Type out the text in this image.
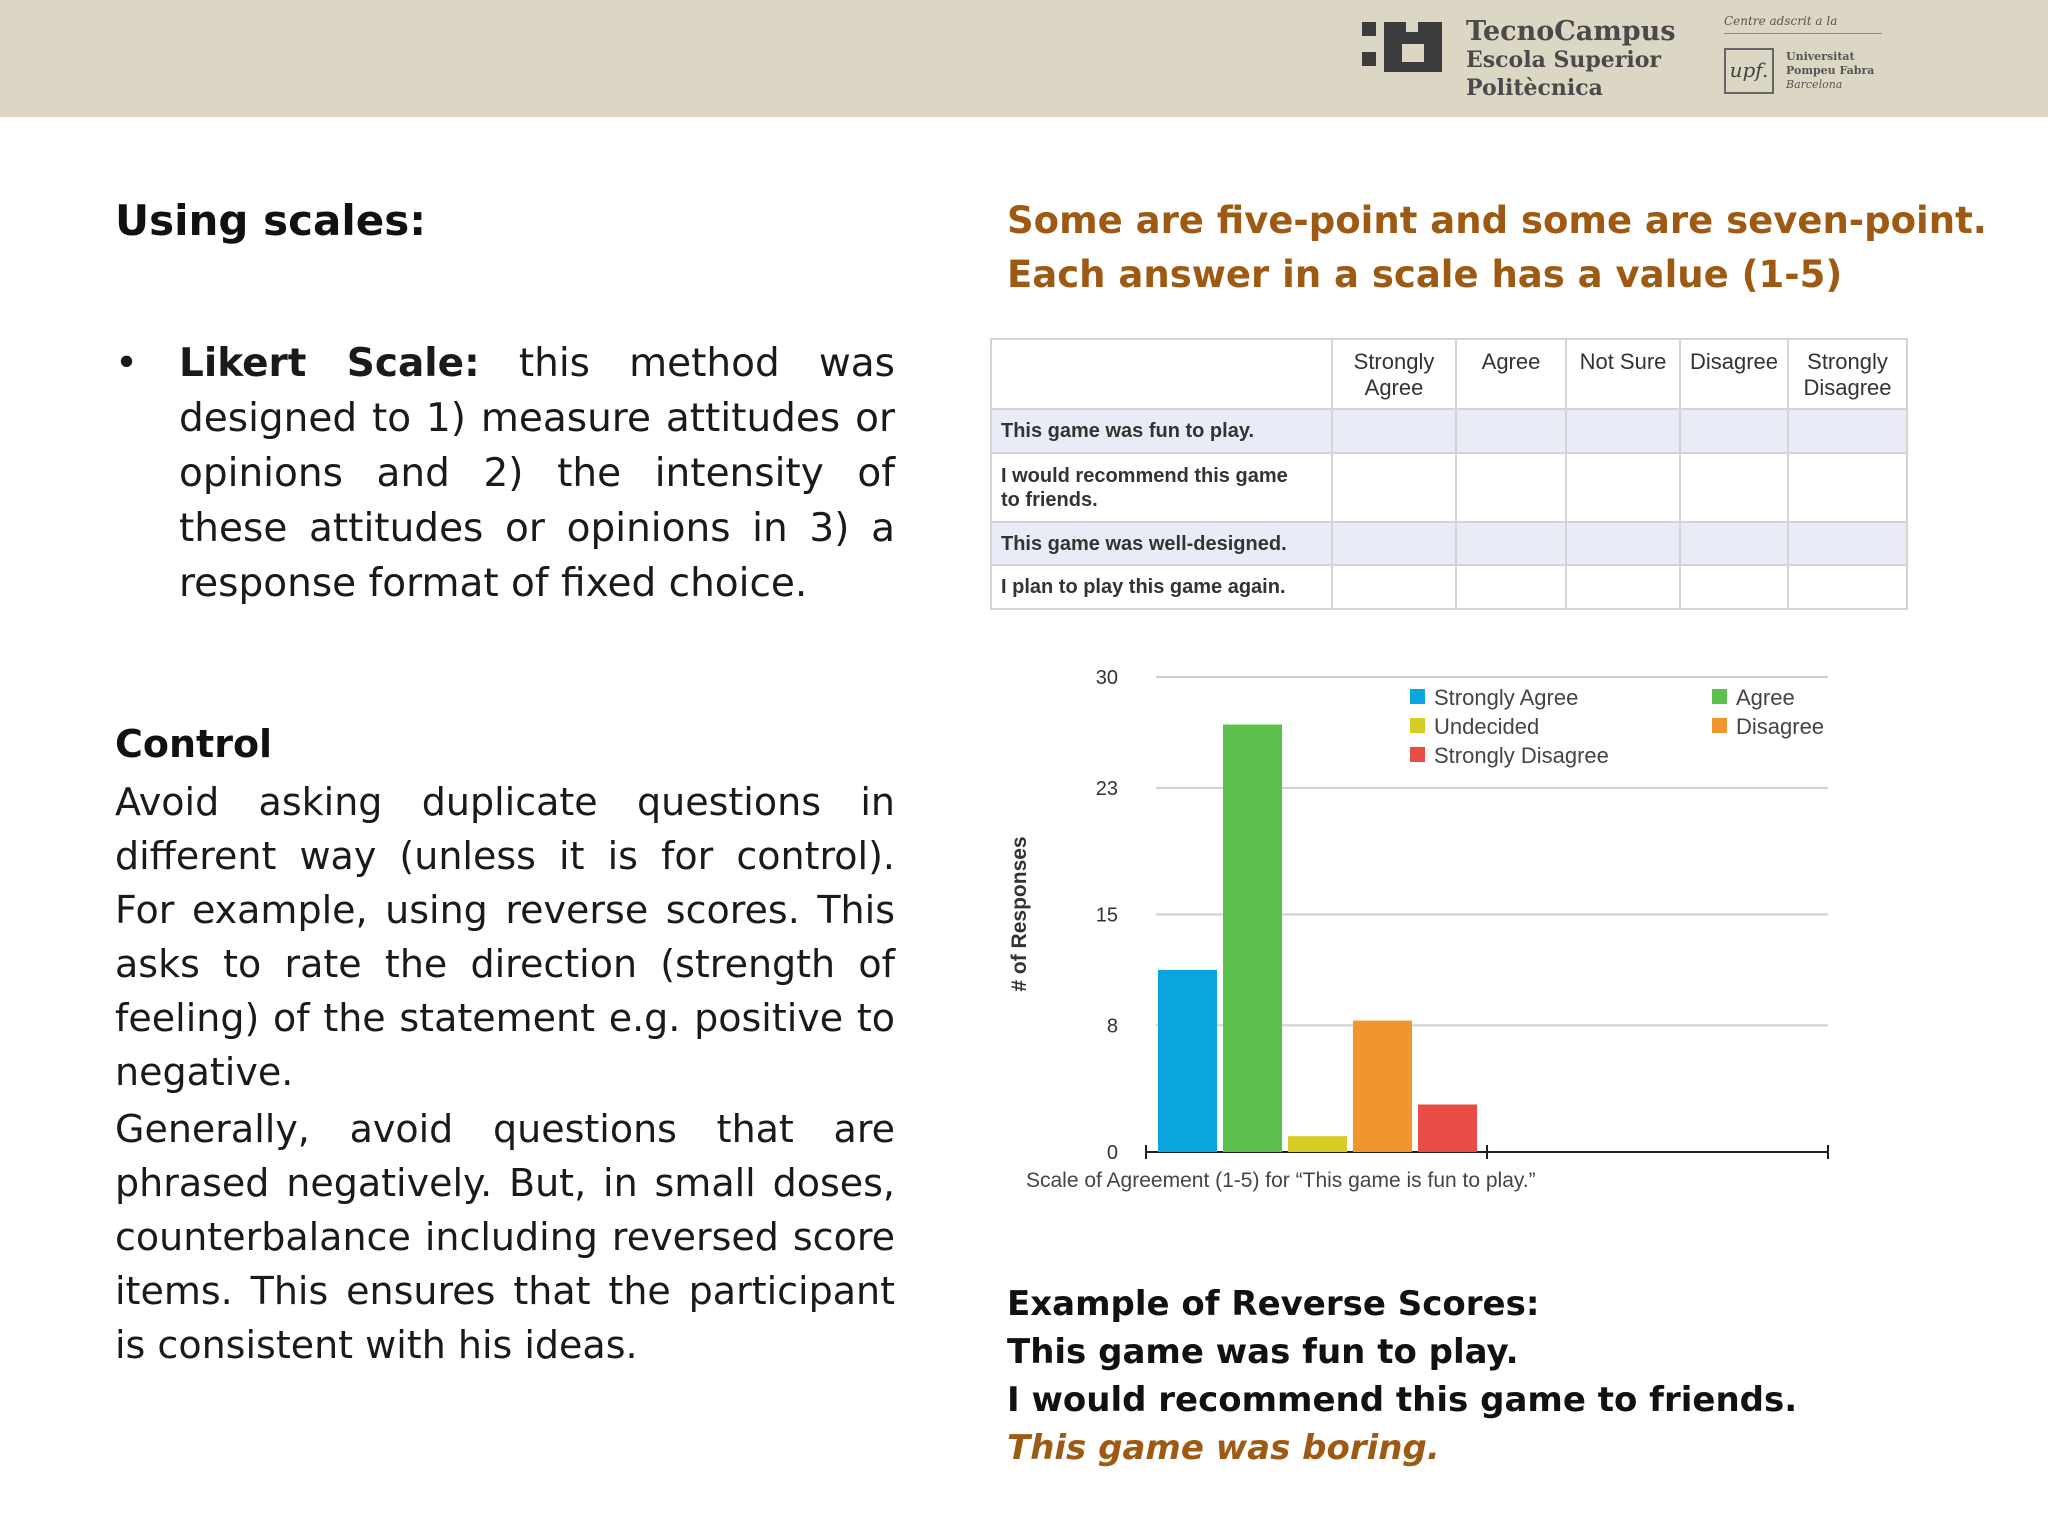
TecnoCampus
Escola Superior
Politècnica
Centre adscrit a la
upf.
Universitat
Pompeu Fabra
Barcelona
Using scales:
• Likert Scale: this method was designed to 1) measure attitudes or opinions and 2) the intensity of these attitudes or opinions in 3) a response format of fixed choice.
Control
Avoid asking duplicate questions in different way (unless it is for control). For example, using reverse scores. This asks to rate the direction (strength of feeling) of the statement e.g. positive to negative.
Generally, avoid questions that are phrased negatively. But, in small doses, counterbalance including reversed score items. This ensures that the participant is consistent with his ideas.
Some are five-point and some are seven-point.
Each answer in a scale has a value (1-5)
	Strongly Agree	Agree	Not Sure	Disagree	Strongly Disagree
This game was fun to play.					
I would recommend this game to friends.					
This game was well-designed.					
I plan to play this game again.					
0
8
15
23
30
# of Responses
Scale of Agreement (1-5) for “This game is fun to play.”
Strongly Agree
Undecided
Strongly Disagree
Agree
Disagree
Example of Reverse Scores:
This game was fun to play.
I would recommend this game to friends.
This game was boring.
